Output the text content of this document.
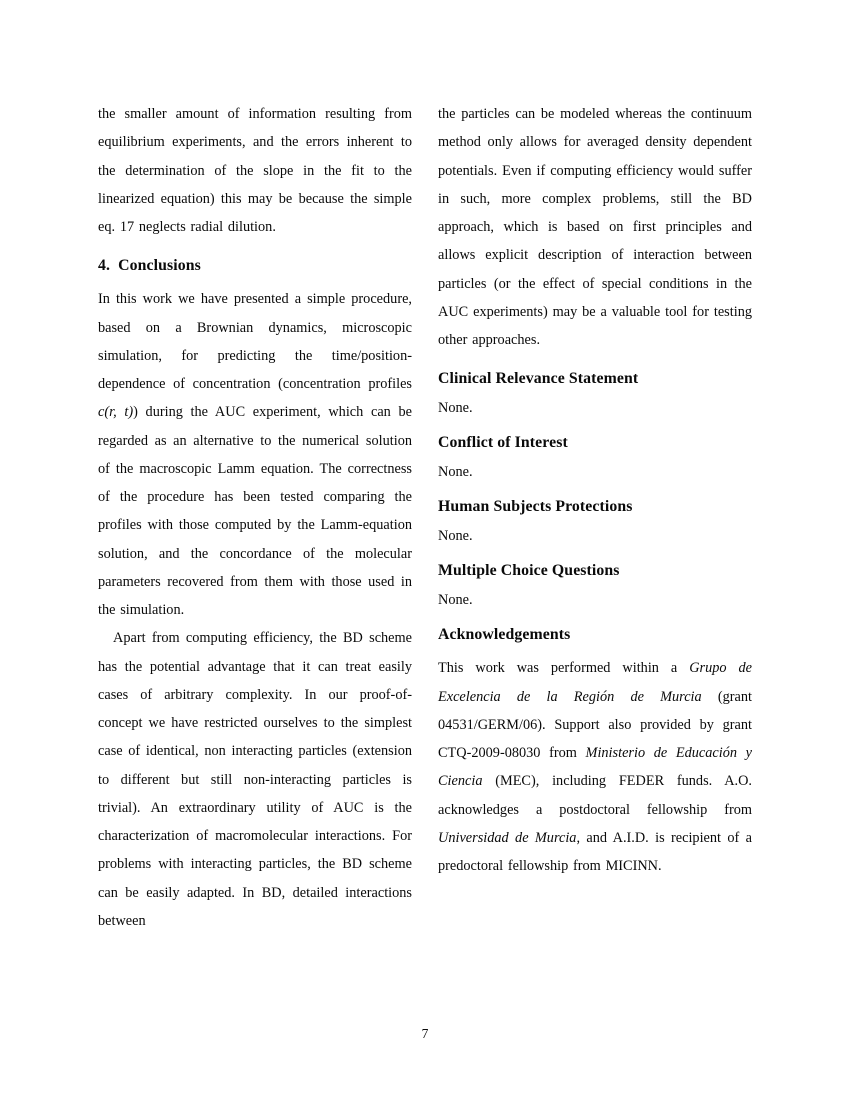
the smaller amount of information resulting from equilibrium experiments, and the errors inherent to the determination of the slope in the fit to the linearized equation) this may be because the simple eq. 17 neglects radial dilution.

4.  Conclusions

In this work we have presented a simple procedure, based on a Brownian dynamics, microscopic simulation, for predicting the time/position-dependence of concentration (concentration profiles c(r, t)) during the AUC experiment, which can be regarded as an alternative to the numerical solution of the macroscopic Lamm equation. The correctness of the procedure has been tested comparing the profiles with those computed by the Lamm-equation solution, and the concordance of the molecular parameters recovered from them with those used in the simulation.

Apart from computing efficiency, the BD scheme has the potential advantage that it can treat easily cases of arbitrary complexity. In our proof-of-concept we have restricted ourselves to the simplest case of identical, non interacting particles (extension to different but still non-interacting particles is trivial). An extraordinary utility of AUC is the characterization of macromolecular interactions. For problems with interacting particles, the BD scheme can be easily adapted. In BD, detailed interactions between

the particles can be modeled whereas the continuum method only allows for averaged density dependent potentials. Even if computing efficiency would suffer in such, more complex problems, still the BD approach, which is based on first principles and allows explicit description of interaction between particles (or the effect of special conditions in the AUC experiments) may be a valuable tool for testing other approaches.

Clinical Relevance Statement

None.

Conflict of Interest

None.

Human Subjects Protections

None.

Multiple Choice Questions

None.

Acknowledgements

This work was performed within a Grupo de Excelencia de la Región de Murcia (grant 04531/GERM/06). Support also provided by grant CTQ-2009-08030 from Ministerio de Educación y Ciencia (MEC), including FEDER funds. A.O. acknowledges a postdoctoral fellowship from Universidad de Murcia, and A.I.D. is recipient of a predoctoral fellowship from MICINN.

7
